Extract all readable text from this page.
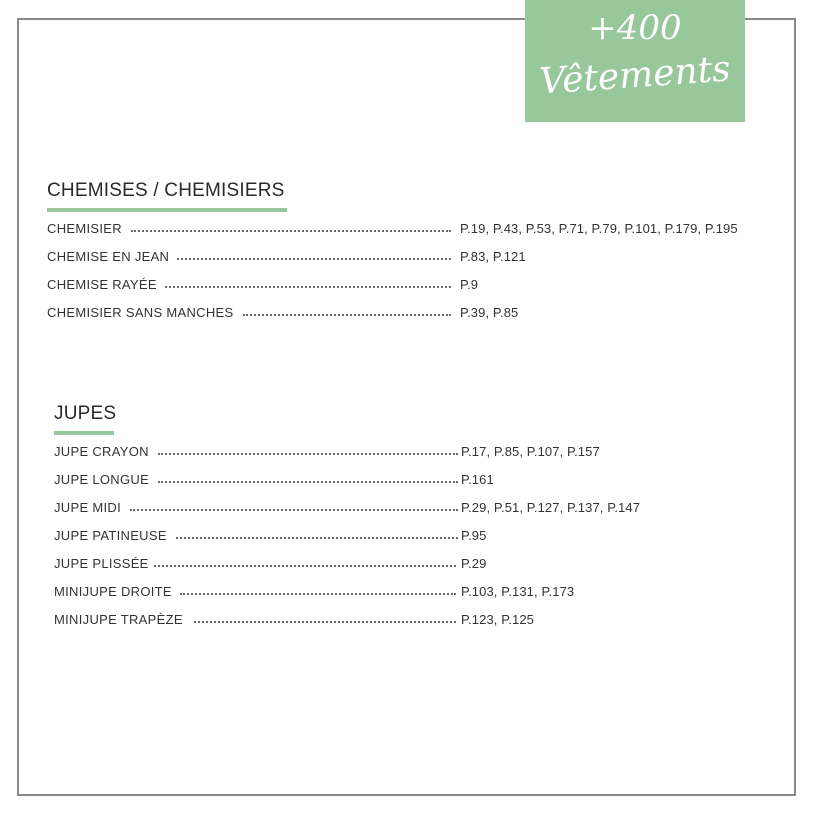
+400
Vêtements
CHEMISES / CHEMISIERS
CHEMISIER	P.19, P.43, P.53, P.71, P.79, P.101, P.179, P.195
CHEMISE EN JEAN	P.83, P.121
CHEMISE RAYÉE	P.9
CHEMISIER SANS MANCHES	P.39, P.85
JUPES
JUPE CRAYON	P.17, P.85, P.107, P.157
JUPE LONGUE	P.161
JUPE MIDI	P.29, P.51, P.127, P.137, P.147
JUPE PATINEUSE	P.95
JUPE PLISSÉE	P.29
MINIJUPE DROITE	P.103, P.131, P.173
MINIJUPE TRAPÈZE	P.123, P.125
